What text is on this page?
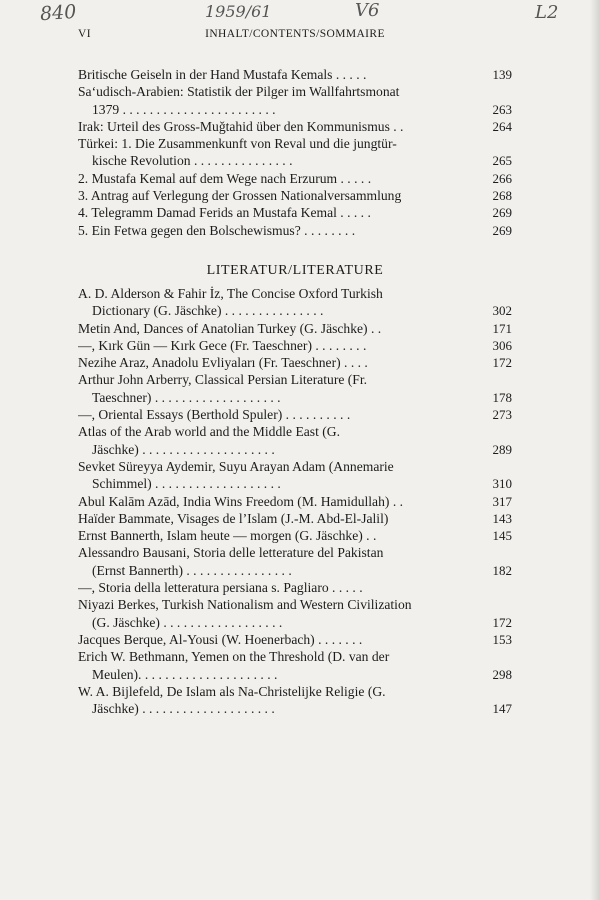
840	1959/61	V6	L2
VI	INHALT/CONTENTS/SOMMAIRE
Britische Geiseln in der Hand Mustafa Kemals . . . . .	139
Sa‘udisch-Arabien: Statistik der Pilger im Wallfahrtsmonat
1379 . . . . . . . . . . . . . . . . . . . . . . .	263
Irak: Urteil des Gross-Muǧtahid über den Kommunismus . .	264
Türkei: 1. Die Zusammenkunft von Reval und die jungtür-
kische Revolution . . . . . . . . . . . . . . .	265
2. Mustafa Kemal auf dem Wege nach Erzurum . . . . .	266
3. Antrag auf Verlegung der Grossen Nationalversammlung	268
4. Telegramm Damad Ferids an Mustafa Kemal . . . . .	269
5. Ein Fetwa gegen den Bolschewismus? . . . . . . . .	269
LITERATUR/LITERATURE
A. D. Alderson & Fahir İz, The Concise Oxford Turkish
Dictionary (G. Jäschke) . . . . . . . . . . . . . . .	302
Metin And, Dances of Anatolian Turkey (G. Jäschke) . .	171
—, Kırk Gün — Kırk Gece (Fr. Taeschner) . . . . . . . .	306
Nezihe Araz, Anadolu Evliyaları (Fr. Taeschner) . . . .	172
Arthur John Arberry, Classical Persian Literature (Fr.
Taeschner) . . . . . . . . . . . . . . . . . . .	178
—, Oriental Essays (Berthold Spuler) . . . . . . . . . .	273
Atlas of the Arab world and the Middle East (G.
Jäschke) . . . . . . . . . . . . . . . . . . . .	289
Sevket Süreyya Aydemir, Suyu Arayan Adam (Annemarie
Schimmel) . . . . . . . . . . . . . . . . . . .	310
Abul Kalām Azād, India Wins Freedom (M. Hamidullah) . .	317
Haïder Bammate, Visages de l’Islam (J.-M. Abd-El-Jalil)	143
Ernst Bannerth, Islam heute — morgen (G. Jäschke) . .	145
Alessandro Bausani, Storia delle letterature del Pakistan
(Ernst Bannerth) . . . . . . . . . . . . . . . .	182
—, Storia della letteratura persiana s. Pagliaro . . . . .
Niyazi Berkes, Turkish Nationalism and Western Civilization
(G. Jäschke) . . . . . . . . . . . . . . . . . .	172
Jacques Berque, Al-Yousi (W. Hoenerbach) . . . . . . .	153
Erich W. Bethmann, Yemen on the Threshold (D. van der
Meulen). . . . . . . . . . . . . . . . . . . . .	298
W. A. Bijlefeld, De Islam als Na-Christelijke Religie (G.
Jäschke) . . . . . . . . . . . . . . . . . . . .	147
